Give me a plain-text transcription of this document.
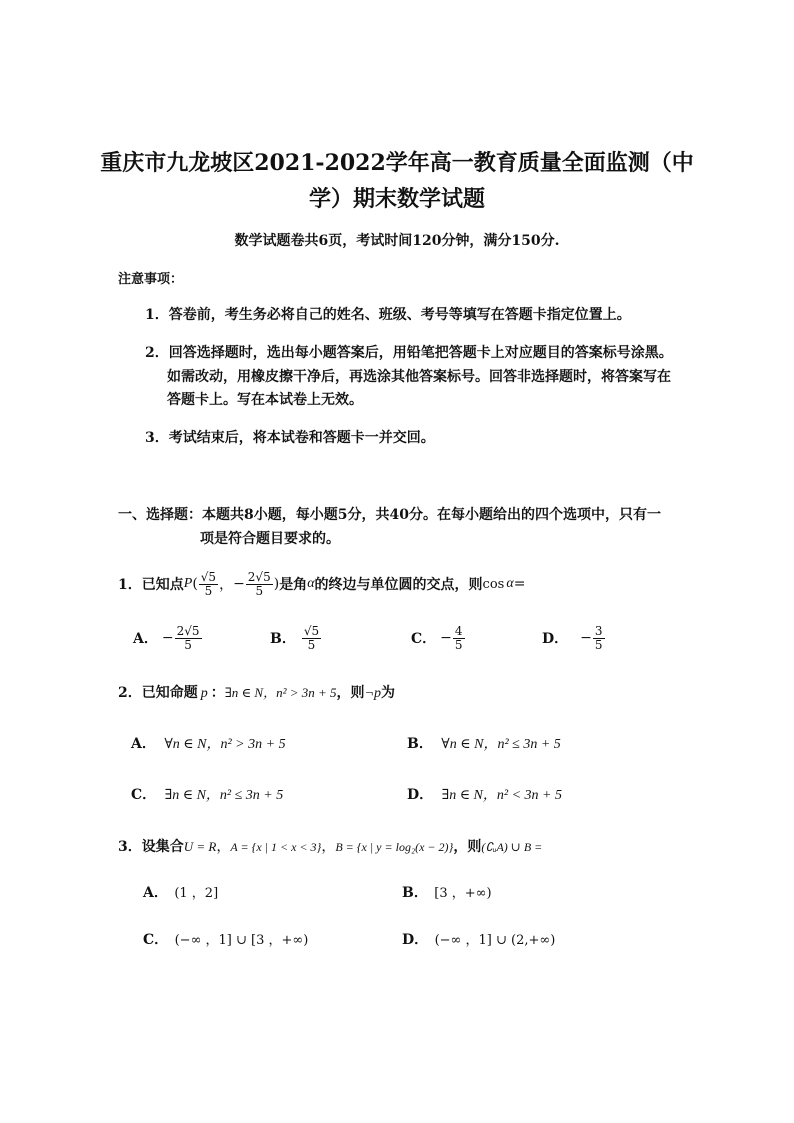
重庆市九龙坡区2021-2022学年高一教育质量全面监测（中
学）期末数学试题
数学试题卷共6页，考试时间120分钟，满分150分.
注意事项：
1．答卷前，考生务必将自己的姓名、班级、考号等填写在答题卡指定位置上。
2．回答选择题时，选出每小题答案后，用铅笔把答题卡上对应题目的答案标号涂黑。
如需改动，用橡皮擦干净后，再选涂其他答案标号。回答非选择题时，将答案写在
答题卡上。写在本试卷上无效。
3．考试结束后，将本试卷和答题卡一并交回。
一、选择题：本题共8小题，每小题5分，共40分。在每小题给出的四个选项中，只有一
项是符合题目要求的。
1． 已知点 P ( $\frac{√5}{5}$ ， − $\frac{2√5}{5}$ ) 是角 α 的终边与单位圆的交点，则 cos α =
A． − $\frac{2√5}{5}$	B． $\frac{√5}{5}$	C． − $\frac{4}{5}$	D． − $\frac{3}{5}$
2．已知命题 p ：∃n ∈ N，n² > 3n + 5，则¬p为
A． ∀n ∈ N，n² > 3n + 5	B． ∀n ∈ N，n² ≤ 3n + 5
C． ∃n ∈ N，n² ≤ 3n + 5	D． ∃n ∈ N，n² < 3n + 5
3．设集合U = R，A = {x | 1 < x < 3}，B = {x | y = log₂(x − 2)}，则(∁ᵤA) ∪ B =
A． (1 ，2]	B． [3 ，+∞)
C． (−∞ ，1] ∪ [3 ，+∞)	D． (−∞ ，1] ∪ (2,+∞)
